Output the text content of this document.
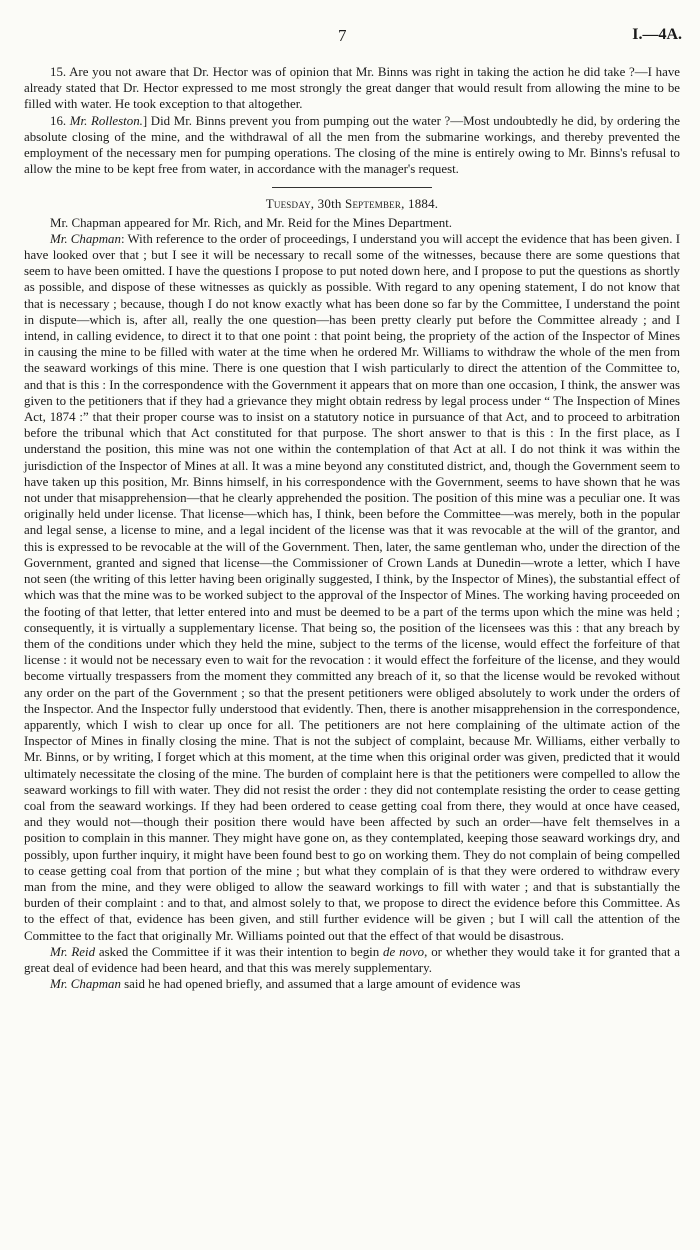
7	I.—4A.

15. Are you not aware that Dr. Hector was of opinion that Mr. Binns was right in taking the action he did take ?—I have already stated that Dr. Hector expressed to me most strongly the great danger that would result from allowing the mine to be filled with water. He took exception to that altogether.

16. Mr. Rolleston.] Did Mr. Binns prevent you from pumping out the water ?—Most undoubtedly he did, by ordering the absolute closing of the mine, and the withdrawal of all the men from the submarine workings, and thereby prevented the employment of the necessary men for pumping operations. The closing of the mine is entirely owing to Mr. Binns's refusal to allow the mine to be kept free from water, in accordance with the manager's request.

Tuesday, 30th September, 1884.

Mr. Chapman appeared for Mr. Rich, and Mr. Reid for the Mines Department.

Mr. Chapman: With reference to the order of proceedings, I understand you will accept the evidence that has been given. I have looked over that ; but I see it will be necessary to recall some of the witnesses, because there are some questions that seem to have been omitted. I have the questions I propose to put noted down here, and I propose to put the questions as shortly as possible, and dispose of these witnesses as quickly as possible. With regard to any opening statement, I do not know that that is necessary ; because, though I do not know exactly what has been done so far by the Committee, I understand the point in dispute—which is, after all, really the one question—has been pretty clearly put before the Committee already ; and I intend, in calling evidence, to direct it to that one point : that point being, the propriety of the action of the Inspector of Mines in causing the mine to be filled with water at the time when he ordered Mr. Williams to withdraw the whole of the men from the seaward workings of this mine. There is one question that I wish particularly to direct the attention of the Committee to, and that is this : In the correspondence with the Government it appears that on more than one occasion, I think, the answer was given to the petitioners that if they had a grievance they might obtain redress by legal process under “ The Inspection of Mines Act, 1874 :” that their proper course was to insist on a statutory notice in pursuance of that Act, and to proceed to arbitration before the tribunal which that Act constituted for that purpose. The short answer to that is this : In the first place, as I understand the position, this mine was not one within the contemplation of that Act at all. I do not think it was within the jurisdiction of the Inspector of Mines at all. It was a mine beyond any constituted district, and, though the Government seem to have taken up this position, Mr. Binns himself, in his correspondence with the Government, seems to have shown that he was not under that misapprehension—that he clearly apprehended the position. The position of this mine was a peculiar one. It was originally held under license. That license—which has, I think, been before the Committee—was merely, both in the popular and legal sense, a license to mine, and a legal incident of the license was that it was revocable at the will of the grantor, and this is expressed to be revocable at the will of the Government. Then, later, the same gentleman who, under the direction of the Government, granted and signed that license—the Commissioner of Crown Lands at Dunedin—wrote a letter, which I have not seen (the writing of this letter having been originally suggested, I think, by the Inspector of Mines), the substantial effect of which was that the mine was to be worked subject to the approval of the Inspector of Mines. The working having proceeded on the footing of that letter, that letter entered into and must be deemed to be a part of the terms upon which the mine was held ; consequently, it is virtually a supplementary license. That being so, the position of the licensees was this : that any breach by them of the conditions under which they held the mine, subject to the terms of the license, would effect the forfeiture of that license : it would not be necessary even to wait for the revocation : it would effect the forfeiture of the license, and they would become virtually trespassers from the moment they committed any breach of it, so that the license would be revoked without any order on the part of the Government ; so that the present petitioners were obliged absolutely to work under the orders of the Inspector. And the Inspector fully understood that evidently. Then, there is another misapprehension in the correspondence, apparently, which I wish to clear up once for all. The petitioners are not here complaining of the ultimate action of the Inspector of Mines in finally closing the mine. That is not the subject of complaint, because Mr. Williams, either verbally to Mr. Binns, or by writing, I forget which at this moment, at the time when this original order was given, predicted that it would ultimately necessitate the closing of the mine. The burden of complaint here is that the petitioners were compelled to allow the seaward workings to fill with water. They did not resist the order : they did not contemplate resisting the order to cease getting coal from the seaward workings. If they had been ordered to cease getting coal from there, they would at once have ceased, and they would not—though their position there would have been affected by such an order—have felt themselves in a position to complain in this manner. They might have gone on, as they contemplated, keeping those seaward workings dry, and possibly, upon further inquiry, it might have been found best to go on working them. They do not complain of being compelled to cease getting coal from that portion of the mine ; but what they complain of is that they were ordered to withdraw every man from the mine, and they were obliged to allow the seaward workings to fill with water ; and that is substantially the burden of their complaint : and to that, and almost solely to that, we propose to direct the evidence before this Committee. As to the effect of that, evidence has been given, and still further evidence will be given ; but I will call the attention of the Committee to the fact that originally Mr. Williams pointed out that the effect of that would be disastrous.

Mr. Reid asked the Committee if it was their intention to begin de novo, or whether they would take it for granted that a great deal of evidence had been heard, and that this was merely supplementary.

Mr. Chapman said he had opened briefly, and assumed that a large amount of evidence was
